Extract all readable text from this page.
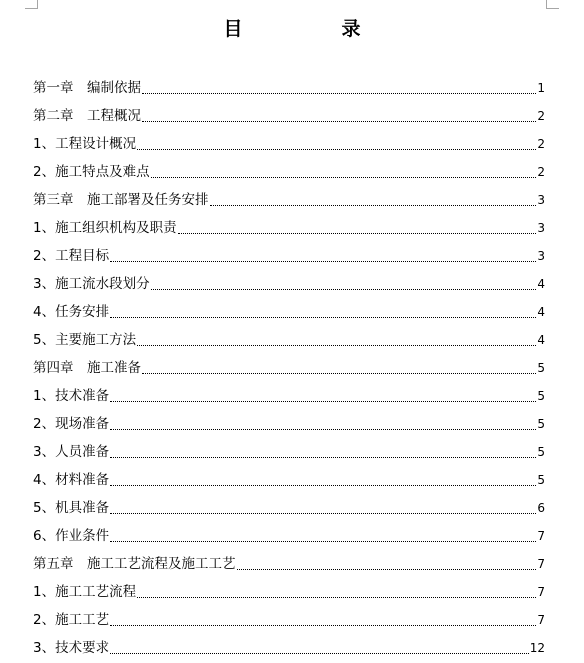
目　录
第一章　编制依据	1
第二章　工程概况	2
1、工程设计概况	2
2、施工特点及难点	2
第三章　施工部署及任务安排	3
1、施工组织机构及职责	3
2、工程目标	3
3、施工流水段划分	4
4、任务安排	4
5、主要施工方法	4
第四章　施工准备	5
1、技术准备	5
2、现场准备	5
3、人员准备	5
4、材料准备	5
5、机具准备	6
6、作业条件	7
第五章　施工工艺流程及施工工艺	7
1、施工工艺流程	7
2、施工工艺	7
3、技术要求	12
